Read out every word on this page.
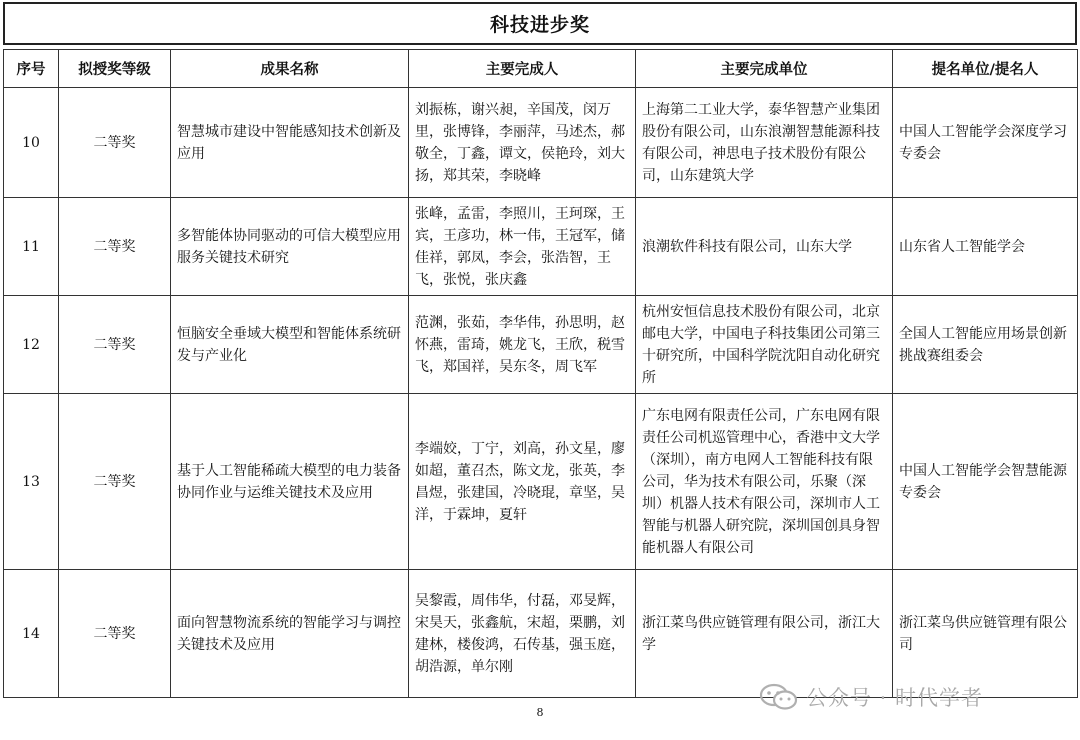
科技进步奖
序号	拟授奖等级	成果名称	主要完成人	主要完成单位	提名单位/提名人
10	二等奖	智慧城市建设中智能感知技术创新及应用	刘振栋，谢兴昶，辛国茂，闵万里，张博锋，李丽萍，马述杰，郝敬全，丁鑫，谭文，侯艳玲，刘大扬，郑其荣，李晓峰	上海第二工业大学，泰华智慧产业集团股份有限公司，山东浪潮智慧能源科技有限公司，神思电子技术股份有限公司，山东建筑大学	中国人工智能学会深度学习专委会
11	二等奖	多智能体协同驱动的可信大模型应用服务关键技术研究	张峰，孟雷，李照川，王珂琛，王宾，王彦功，林一伟，王冠军，储佳祥，郭凤，李会，张浩智，王飞，张悦，张庆鑫	浪潮软件科技有限公司，山东大学	山东省人工智能学会
12	二等奖	恒脑安全垂域大模型和智能体系统研发与产业化	范渊，张茹，李华伟，孙思明，赵怀燕，雷琦，姚龙飞，王欣，税雪飞，郑国祥，吴东冬，周飞军	杭州安恒信息技术股份有限公司，北京邮电大学，中国电子科技集团公司第三十研究所，中国科学院沈阳自动化研究所	全国人工智能应用场景创新挑战赛组委会
13	二等奖	基于人工智能稀疏大模型的电力装备协同作业与运维关键技术及应用	李端姣，丁宁，刘高，孙文星，廖如超，董召杰，陈文龙，张英，李昌煜，张建国，冷晓琨，章坚，吴洋，于霖坤，夏轩	广东电网有限责任公司，广东电网有限责任公司机巡管理中心，香港中文大学（深圳），南方电网人工智能科技有限公司，华为技术有限公司，乐聚（深圳）机器人技术有限公司，深圳市人工智能与机器人研究院，深圳国创具身智能机器人有限公司	中国人工智能学会智慧能源专委会
14	二等奖	面向智慧物流系统的智能学习与调控关键技术及应用	吴黎霞，周伟华，付磊，邓旻辉，宋昊天，张鑫航，宋超，栗鹏，刘建林，楼俊鸿，石传基，强玉庭，胡浩源，单尔刚	浙江菜鸟供应链管理有限公司，浙江大学	浙江菜鸟供应链管理有限公司
公众号 · 时代学者
8
